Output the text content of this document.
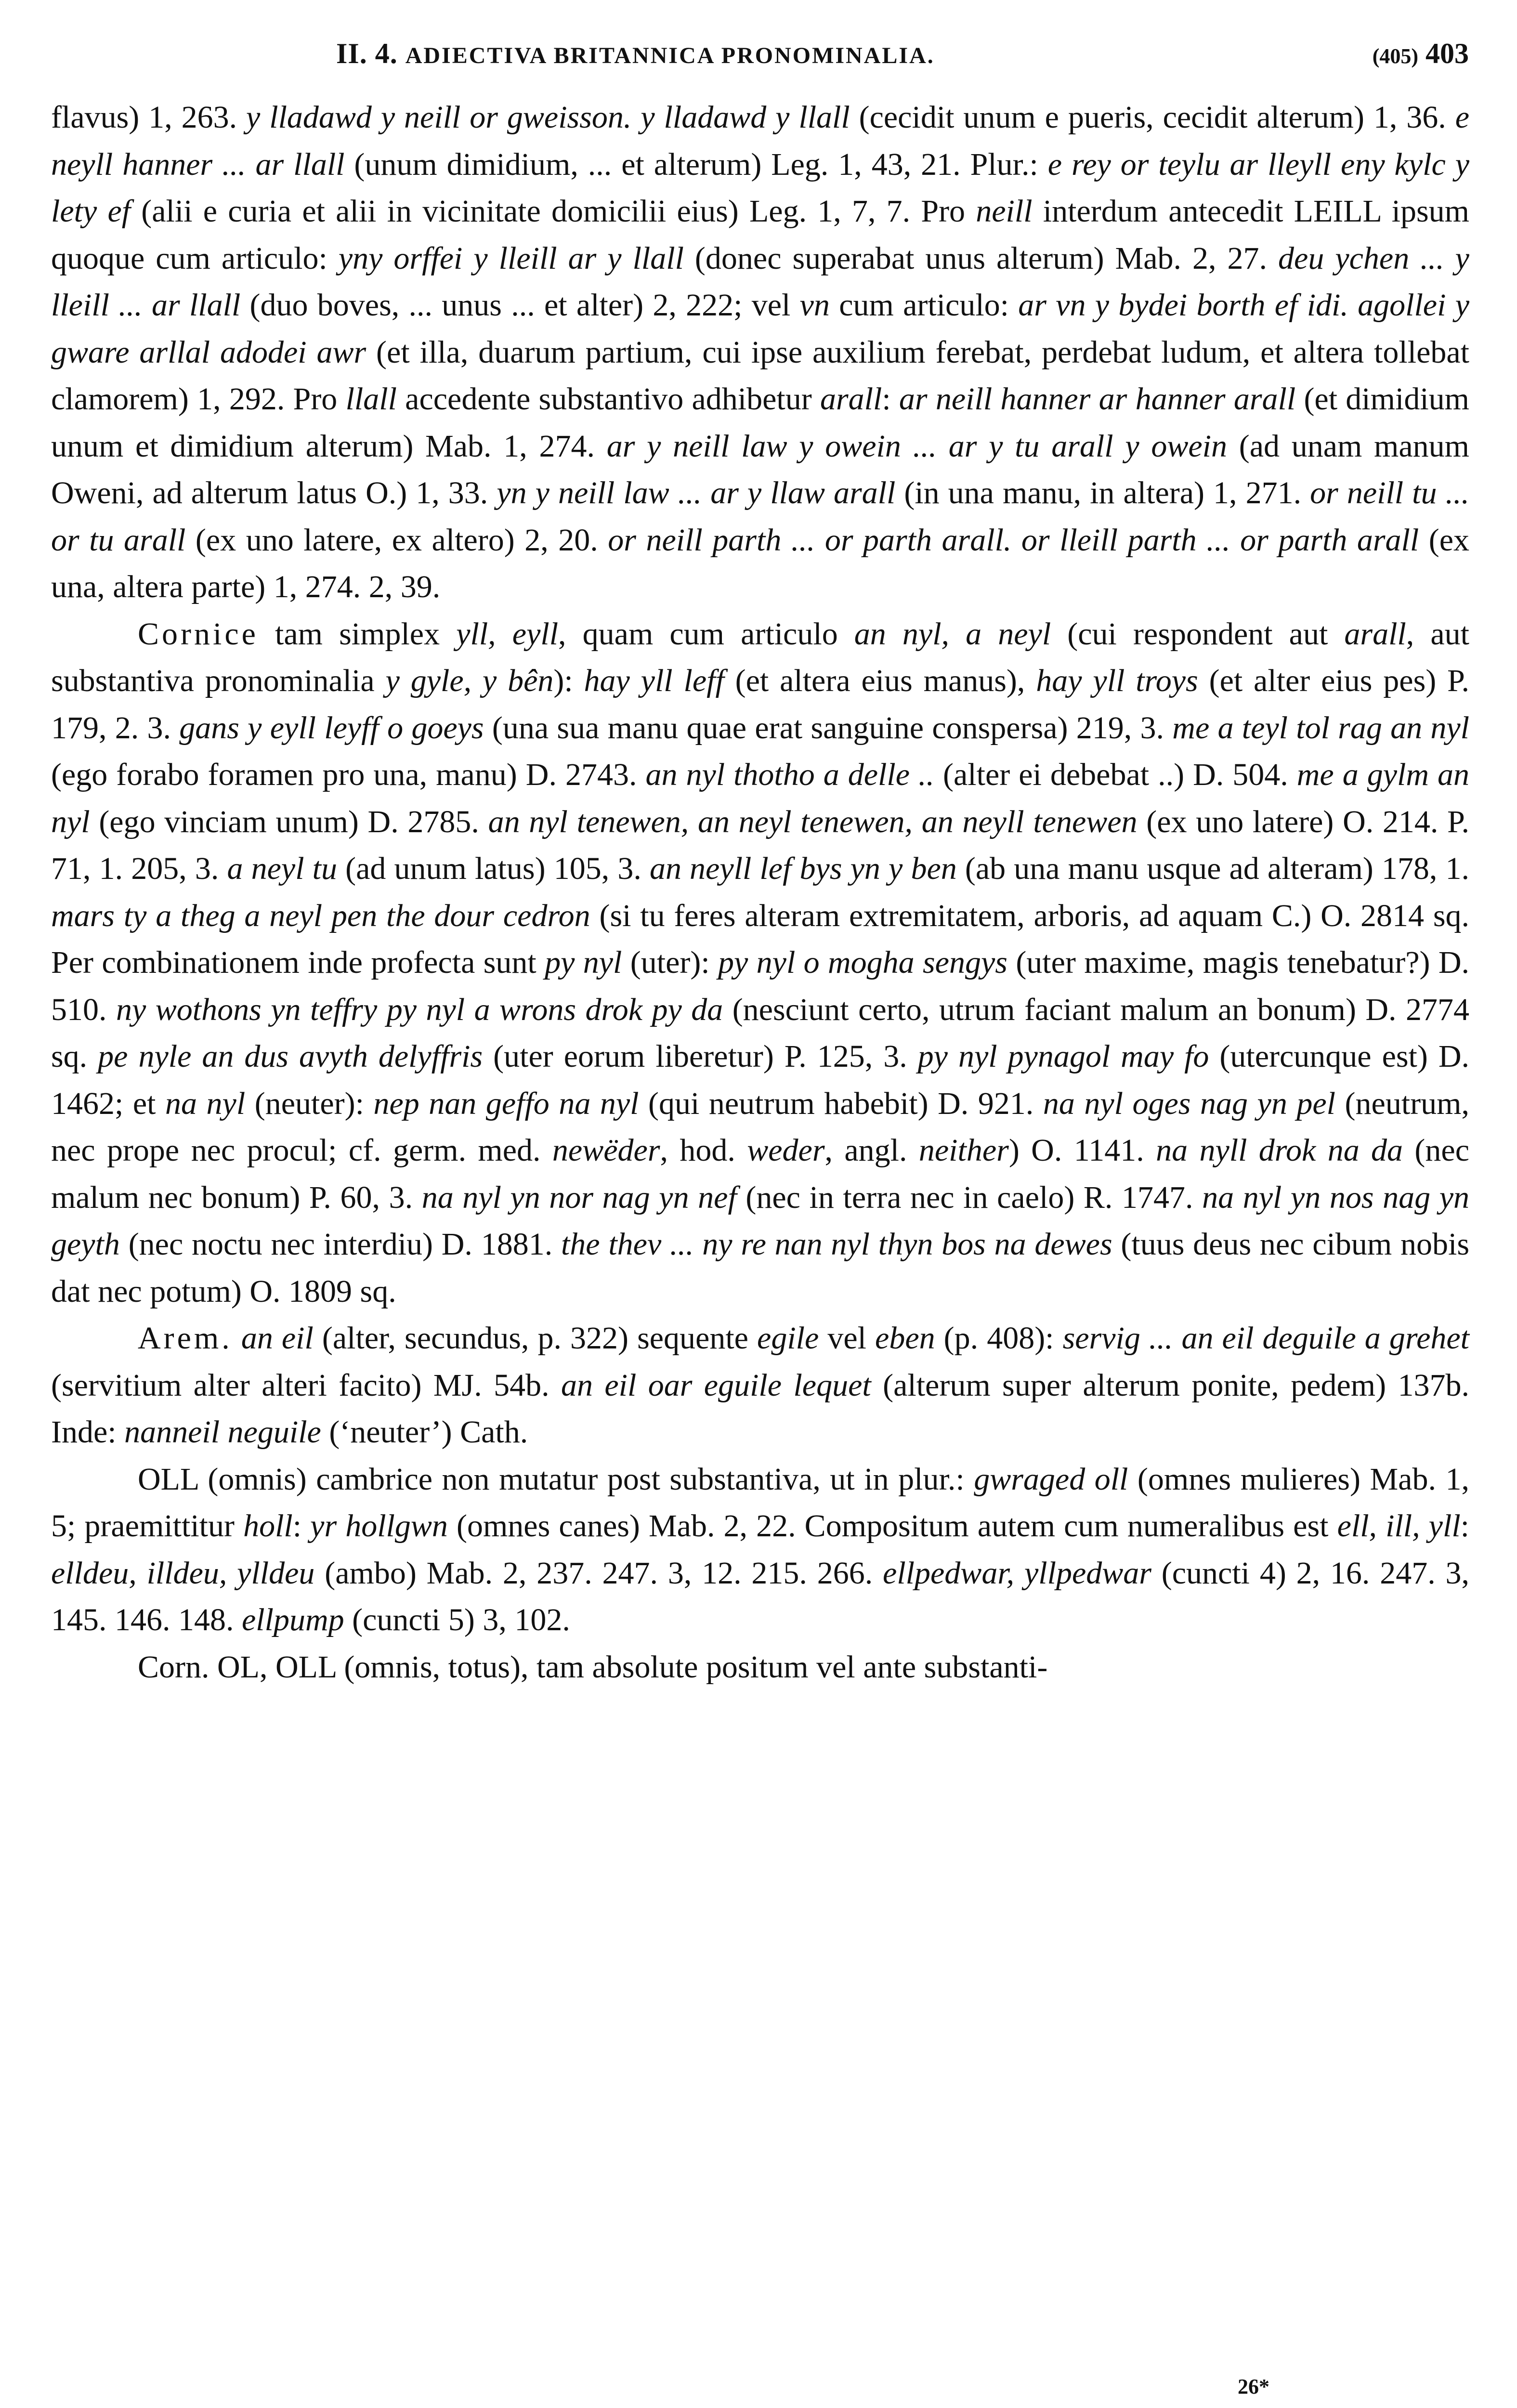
II. 4. ADIECTIVA BRITANNICA PRONOMINALIA.	(405) 403

flavus) 1, 263. y lladawd y neill or gweisson. y lladawd y llall (cecidit unum e pueris, cecidit alterum) 1, 36. e neyll hanner ... ar llall (unum dimidium, ... et alterum) Leg. 1, 43, 21. Plur.: e rey or teylu ar lleyll eny kylc y lety ef (alii e curia et alii in vicinitate domicilii eius) Leg. 1, 7, 7. Pro neill interdum antecedit LEILL ipsum quoque cum articulo: yny orffei y lleill ar y llall (donec superabat unus alterum) Mab. 2, 27. deu ychen ... y lleill ... ar llall (duo boves, ... unus ... et alter) 2, 222; vel vn cum articulo: ar vn y bydei borth ef idi. agollei y gware arllal adodei awr (et illa, duarum partium, cui ipse auxilium ferebat, perdebat ludum, et altera tollebat clamorem) 1, 292. Pro llall accedente substantivo adhibetur arall: ar neill hanner ar hanner arall (et dimidium unum et dimidium alterum) Mab. 1, 274. ar y neill law y owein ... ar y tu arall y owein (ad unam manum Oweni, ad alterum latus O.) 1, 33. yn y neill law ... ar y llaw arall (in una manu, in altera) 1, 271. or neill tu ... or tu arall (ex uno latere, ex altero) 2, 20. or neill parth ... or parth arall. or lleill parth ... or parth arall (ex una, altera parte) 1, 274. 2, 39.

Cornice tam simplex yll, eyll, quam cum articulo an nyl, a neyl (cui respondent aut arall, aut substantiva pronominalia y gyle, y bên): hay yll leff (et altera eius manus), hay yll troys (et alter eius pes) P. 179, 2. 3. gans y eyll leyff o goeys (una sua manu quae erat sanguine conspersa) 219, 3. me a teyl tol rag an nyl (ego forabo foramen pro una, manu) D. 2743. an nyl thotho a delle .. (alter ei debebat ..) D. 504. me a gylm an nyl (ego vinciam unum) D. 2785. an nyl tenewen, an neyl tenewen, an neyll tenewen (ex uno latere) O. 214. P. 71, 1. 205, 3. a neyl tu (ad unum latus) 105, 3. an neyll lef bys yn y ben (ab una manu usque ad alteram) 178, 1. mars ty a theg a neyl pen the dour cedron (si tu feres alteram extremitatem, arboris, ad aquam C.) O. 2814 sq. Per combinationem inde profecta sunt py nyl (uter): py nyl o mogha sengys (uter maxime, magis tenebatur?) D. 510. ny wothons yn teffry py nyl a wrons drok py da (nesciunt certo, utrum faciant malum an bonum) D. 2774 sq. pe nyle an dus avyth delyffris (uter eorum liberetur) P. 125, 3. py nyl pynagol may fo (utercunque est) D. 1462; et na nyl (neuter): nep nan geffo na nyl (qui neutrum habebit) D. 921. na nyl oges nag yn pel (neutrum, nec prope nec procul; cf. germ. med. newëder, hod. weder, angl. neither) O. 1141. na nyll drok na da (nec malum nec bonum) P. 60, 3. na nyl yn nor nag yn nef (nec in terra nec in caelo) R. 1747. na nyl yn nos nag yn geyth (nec noctu nec interdiu) D. 1881. the thev ... ny re nan nyl thyn bos na dewes (tuus deus nec cibum nobis dat nec potum) O. 1809 sq.

Arem. an eil (alter, secundus, p. 322) sequente egile vel eben (p. 408): servig ... an eil deguile a grehet (servitium alter alteri facito) MJ. 54b. an eil oar eguile lequet (alterum super alterum ponite, pedem) 137b. Inde: nanneil neguile (‘neuter’) Cath.

OLL (omnis) cambrice non mutatur post substantiva, ut in plur.: gwraged oll (omnes mulieres) Mab. 1, 5; praemittitur holl: yr hollgwn (omnes canes) Mab. 2, 22. Compositum autem cum numeralibus est ell, ill, yll: elldeu, illdeu, ylldeu (ambo) Mab. 2, 237. 247. 3, 12. 215. 266. ellpedwar, yllpedwar (cuncti 4) 2, 16. 247. 3, 145. 146. 148. ellpump (cuncti 5) 3, 102.

Corn. OL, OLL (omnis, totus), tam absolute positum vel ante substanti-

26*
